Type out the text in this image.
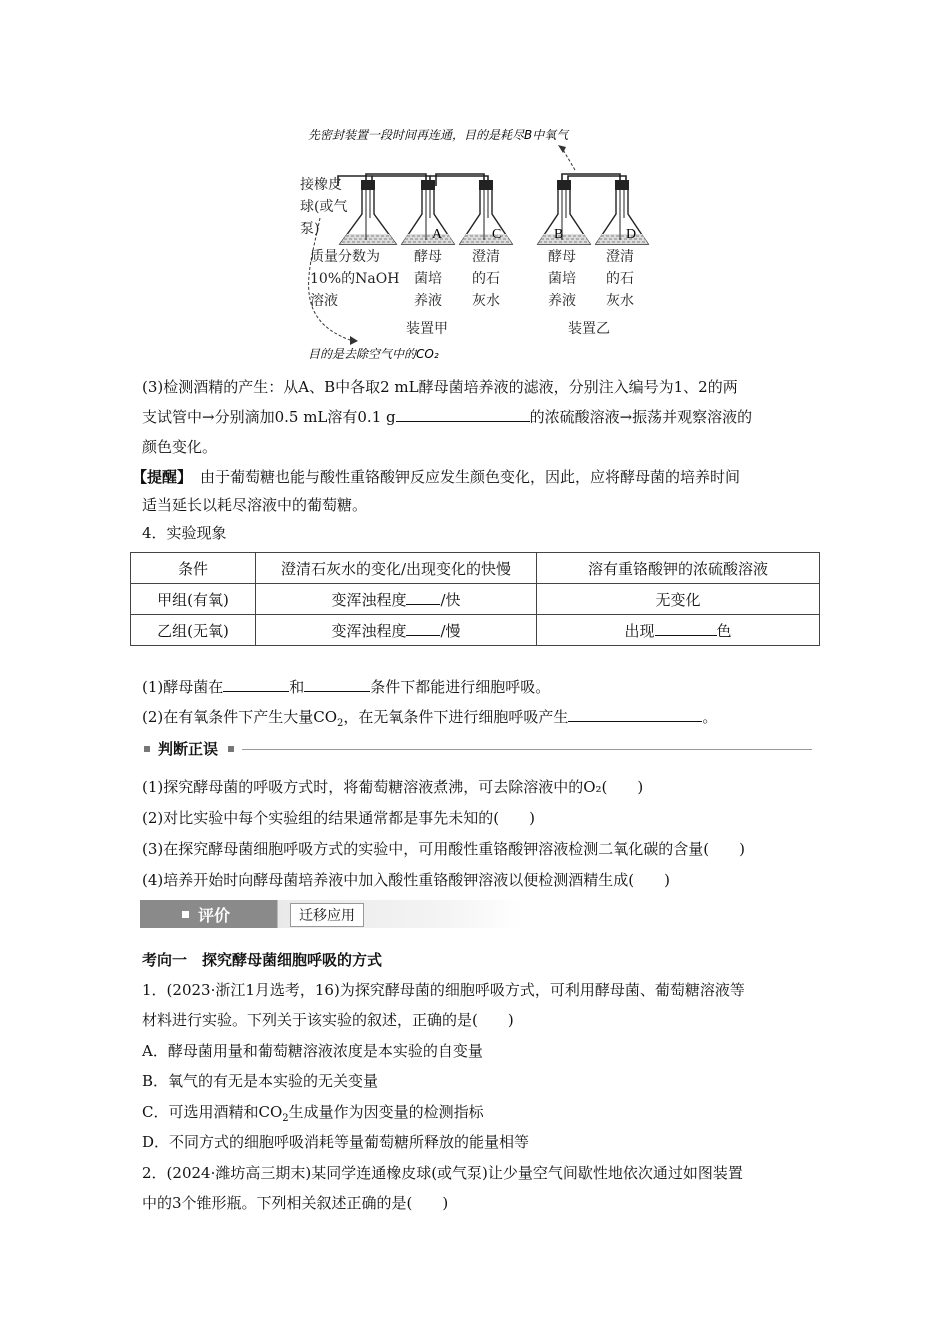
先密封装置一段时间再连通，目的是耗尽B中氧气
A	C	B	D
目的是去除空气中的CO₂
接橡皮
球(或气
泵)
质量分数为
10%的NaOH
溶液
酵母
菌培
养液
澄清
的石
灰水
酵母
菌培
养液
澄清
的石
灰水
装置甲	装置乙
(3)检测酒精的产生：从A、B中各取2 mL酵母菌培养液的滤液，分别注入编号为1、2的两
支试管中→分别滴加0.5 mL溶有0.1 g	的浓硫酸溶液→振荡并观察溶液的
颜色变化。
【提醒】 由于葡萄糖也能与酸性重铬酸钾反应发生颜色变化，因此，应将酵母菌的培养时间
适当延长以耗尽溶液中的葡萄糖。
4．实验现象
条件	澄清石灰水的变化/出现变化的快慢	溶有重铬酸钾的浓硫酸溶液
甲组(有氧)	变浑浊程度 /快	无变化
乙组(无氧)	变浑浊程度 /慢	出现 色
(1)酵母菌在	和	条件下都能进行细胞呼吸。
(2)在有氧条件下产生大量$CO_2$，在无氧条件下进行细胞呼吸产生	。
判断正误
(1)探究酵母菌的呼吸方式时，将葡萄糖溶液煮沸，可去除溶液中的O₂(　　)
(2)对比实验中每个实验组的结果通常都是事先未知的(　　)
(3)在探究酵母菌细胞呼吸方式的实验中，可用酸性重铬酸钾溶液检测二氧化碳的含量(　　)
(4)培养开始时向酵母菌培养液中加入酸性重铬酸钾溶液以便检测酒精生成(　　)
评价	迁移应用
考向一　探究酵母菌细胞呼吸的方式
1．(2023·浙江1月选考，16)为探究酵母菌的细胞呼吸方式，可利用酵母菌、葡萄糖溶液等
材料进行实验。下列关于该实验的叙述，正确的是(　　)
A．酵母菌用量和葡萄糖溶液浓度是本实验的自变量
B．氧气的有无是本实验的无关变量
C．可选用酒精和$CO_2$生成量作为因变量的检测指标
D．不同方式的细胞呼吸消耗等量葡萄糖所释放的能量相等
2．(2024·潍坊高三期末)某同学连通橡皮球(或气泵)让少量空气间歇性地依次通过如图装置
中的3个锥形瓶。下列相关叙述正确的是(　　)
